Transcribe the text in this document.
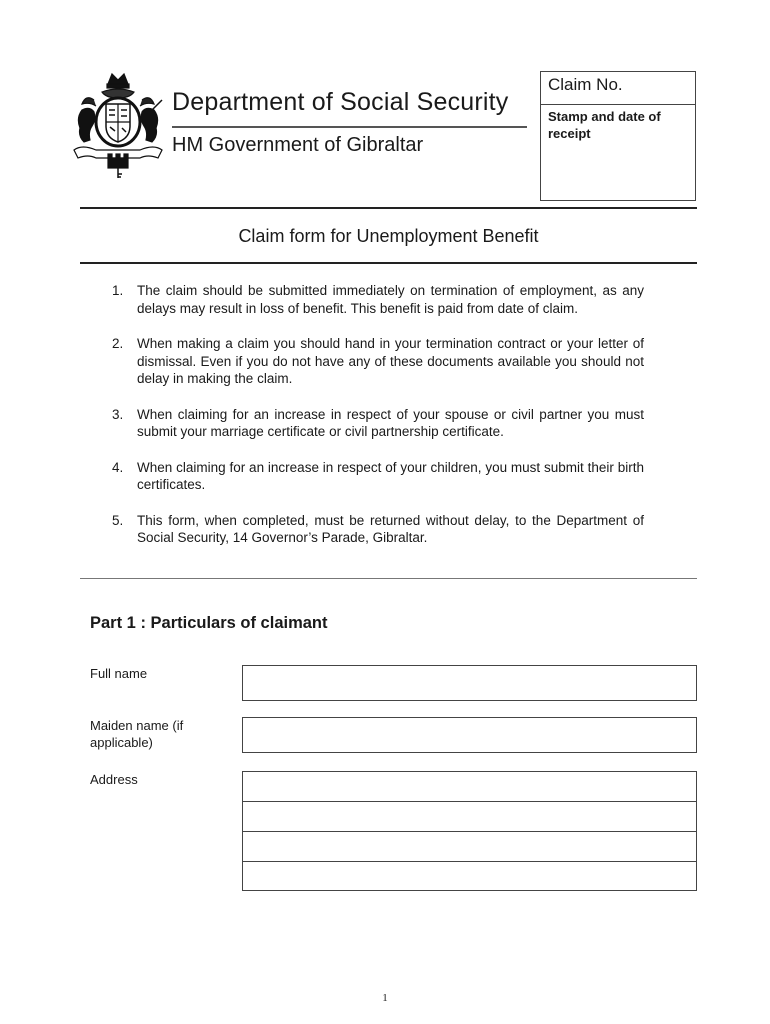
Department of Social Security
HM Government of Gibraltar
Claim No.
Stamp and date of receipt
Claim form for Unemployment Benefit
1. The claim should be submitted immediately on termination of employment, as any delays may result in loss of benefit. This benefit is paid from date of claim.
2. When making a claim you should hand in your termination contract or your letter of dismissal. Even if you do not have any of these documents available you should not delay in making the claim.
3. When claiming for an increase in respect of your spouse or civil partner you must submit your marriage certificate or civil partnership certificate.
4. When claiming for an increase in respect of your children, you must submit their birth certificates.
5. This form, when completed, must be returned without delay, to the Department of Social Security, 14 Governor’s Parade, Gibraltar.
Part 1 : Particulars of claimant
Full name
Maiden name (if applicable)
Address
1
